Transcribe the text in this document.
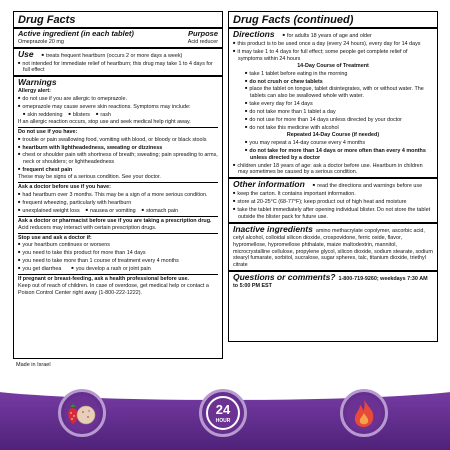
Drug Facts
Active ingredient (in each tablet)	Purpose
Omeprazole 20 mg	Acid reducer
Use ■ treats frequent heartburn (occurs 2 or more days a week)
■ not intended for immediate relief of heartburn; this drug may take 1 to 4 days for full effect
Warnings
Allergy alert:
■ do not use if you are allergic to omeprazole.
■ omeprazole may cause severe skin reactions. Symptoms may include:
■ skin reddening	■ blisters	■ rash
If an allergic reaction occurs, stop use and seek medical help right away.
Do not use if you have:
■ trouble or pain swallowing food, vomiting with blood, or bloody or black stools
■ heartburn with lightheadedness, sweating or dizziness
■ chest or shoulder pain with shortness of breath; sweating; pain spreading to arms, neck or shoulders; or lightheadedness
■ frequent chest pain
These may be signs of a serious condition. See your doctor.
Ask a doctor before use if you have:
■ had heartburn over 3 months. This may be a sign of a more serious condition.
■ frequent wheezing, particularly with heartburn
■ unexplained weight loss	■ nausea or vomiting	■ stomach pain
Ask a doctor or pharmacist before use if you are taking a prescription drug.
Acid reducers may interact with certain prescription drugs.
Stop use and ask a doctor if:
■ your heartburn continues or worsens
■ you need to take this product for more than 14 days
■ you need to take more than 1 course of treatment every 4 months
■ you get diarrhea	■ you develop a rash or joint pain
If pregnant or breast-feeding, ask a health professional before use.
Keep out of reach of children. In case of overdose, get medical help or contact a Poison Control Center right away (1-800-222-1222).
Drug Facts (continued)
Directions ■ for adults 18 years of age and older
■ this product is to be used once a day (every 24 hours), every day for 14 days
■ it may take 1 to 4 days for full effect; some people get complete relief of symptoms within 24 hours
14-Day Course of Treatment
■ take 1 tablet before eating in the morning
■ do not crush or chew tablets
■ place the tablet on tongue, tablet disintegrates, with or without water. The tablets can also be swallowed whole with water.
■ take every day for 14 days
■ do not take more than 1 tablet a day
■ do not use for more than 14 days unless directed by your doctor
■ do not take this medicine with alcohol
Repeated 14-Day Course (if needed)
■ you may repeat a 14-day course every 4 months
■ do not take for more than 14 days or more often than every 4 months unless directed by a doctor
■ children under 18 years of age: ask a doctor before use. Heartburn in children may sometimes be caused by a serious condition.
Other information ■ read the directions and warnings before use
■ keep the carton. It contains important information.
■ store at 20-25°C (68-77°F); keep product out of high heat and moisture
■ take the tablet immediately after opening individual blister. Do not store the tablet outside the blister pack for future use.
Inactive ingredients amino methacrylate copolymer, ascorbic acid, cetyl alcohol, colloidal silicon dioxide, crospovidone, ferric oxide, flavor, hypromellose, hypromellose phthalate, maize maltodextrin, mannitol, microcrystalline cellulose, propylene glycol, silicon dioxide, sodium stearate, sodium stearyl fumarate, sorbitol, sucralose, sugar spheres, talc, titanium dioxide, triethyl citrate
Questions or comments? 1-800-719-9260; weekdays 7:30 AM to 5:00 PM EST
Made in Israel
24
HOUR
